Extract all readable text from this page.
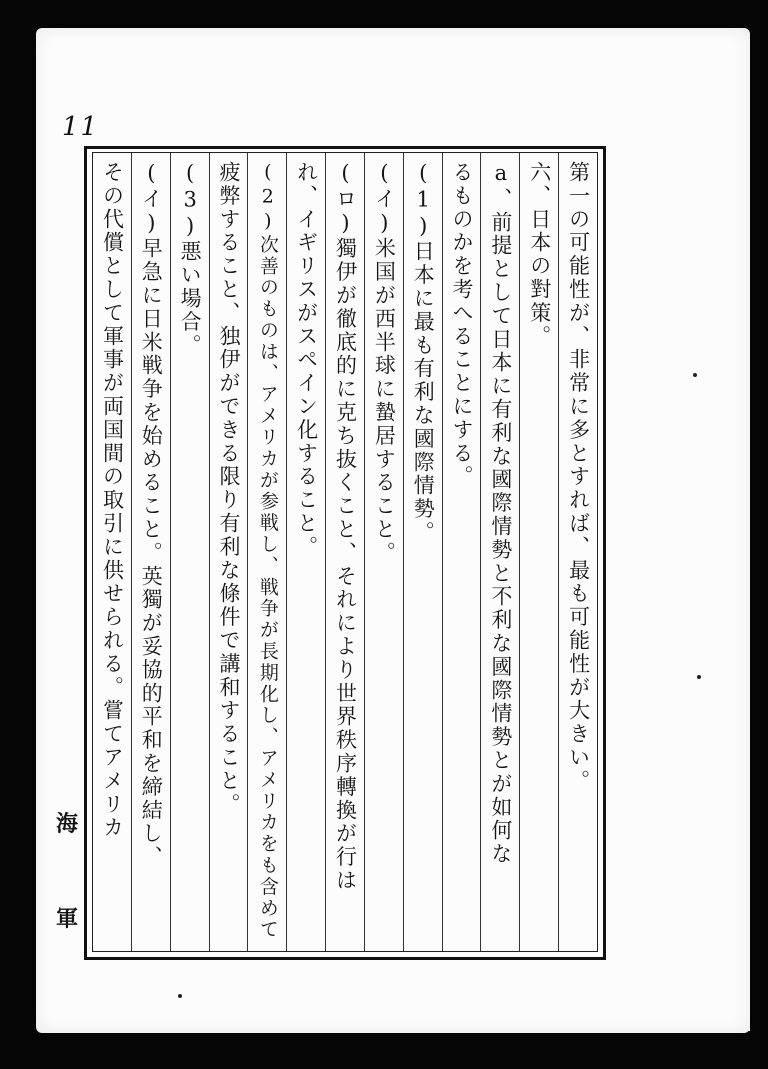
11
第一の可能性が、非常に多とすれば、最も可能性が大きい。
六、日本の對策。
a、前提として日本に有利な國際情勢と不利な國際情勢とが如何な
るものかを考へることにする。
(1)日本に最も有利な國際情勢。
(イ)米国が西半球に蟄居すること。
(ロ)獨伊が徹底的に克ち抜くこと、それにより世界秩序轉換が行は
れ、イギリスがスペイン化すること。
(2)次善のものは、アメリカが参戦し、戦争が長期化し、アメリカをも含めて
疲弊すること、独伊ができる限り有利な條件で講和すること。
(3)悪い場合。
(イ)早急に日米戦争を始めること。英獨が妥協的平和を締結し、
その代償として軍事が両国間の取引に供せられる。嘗てアメリカ
海
軍
